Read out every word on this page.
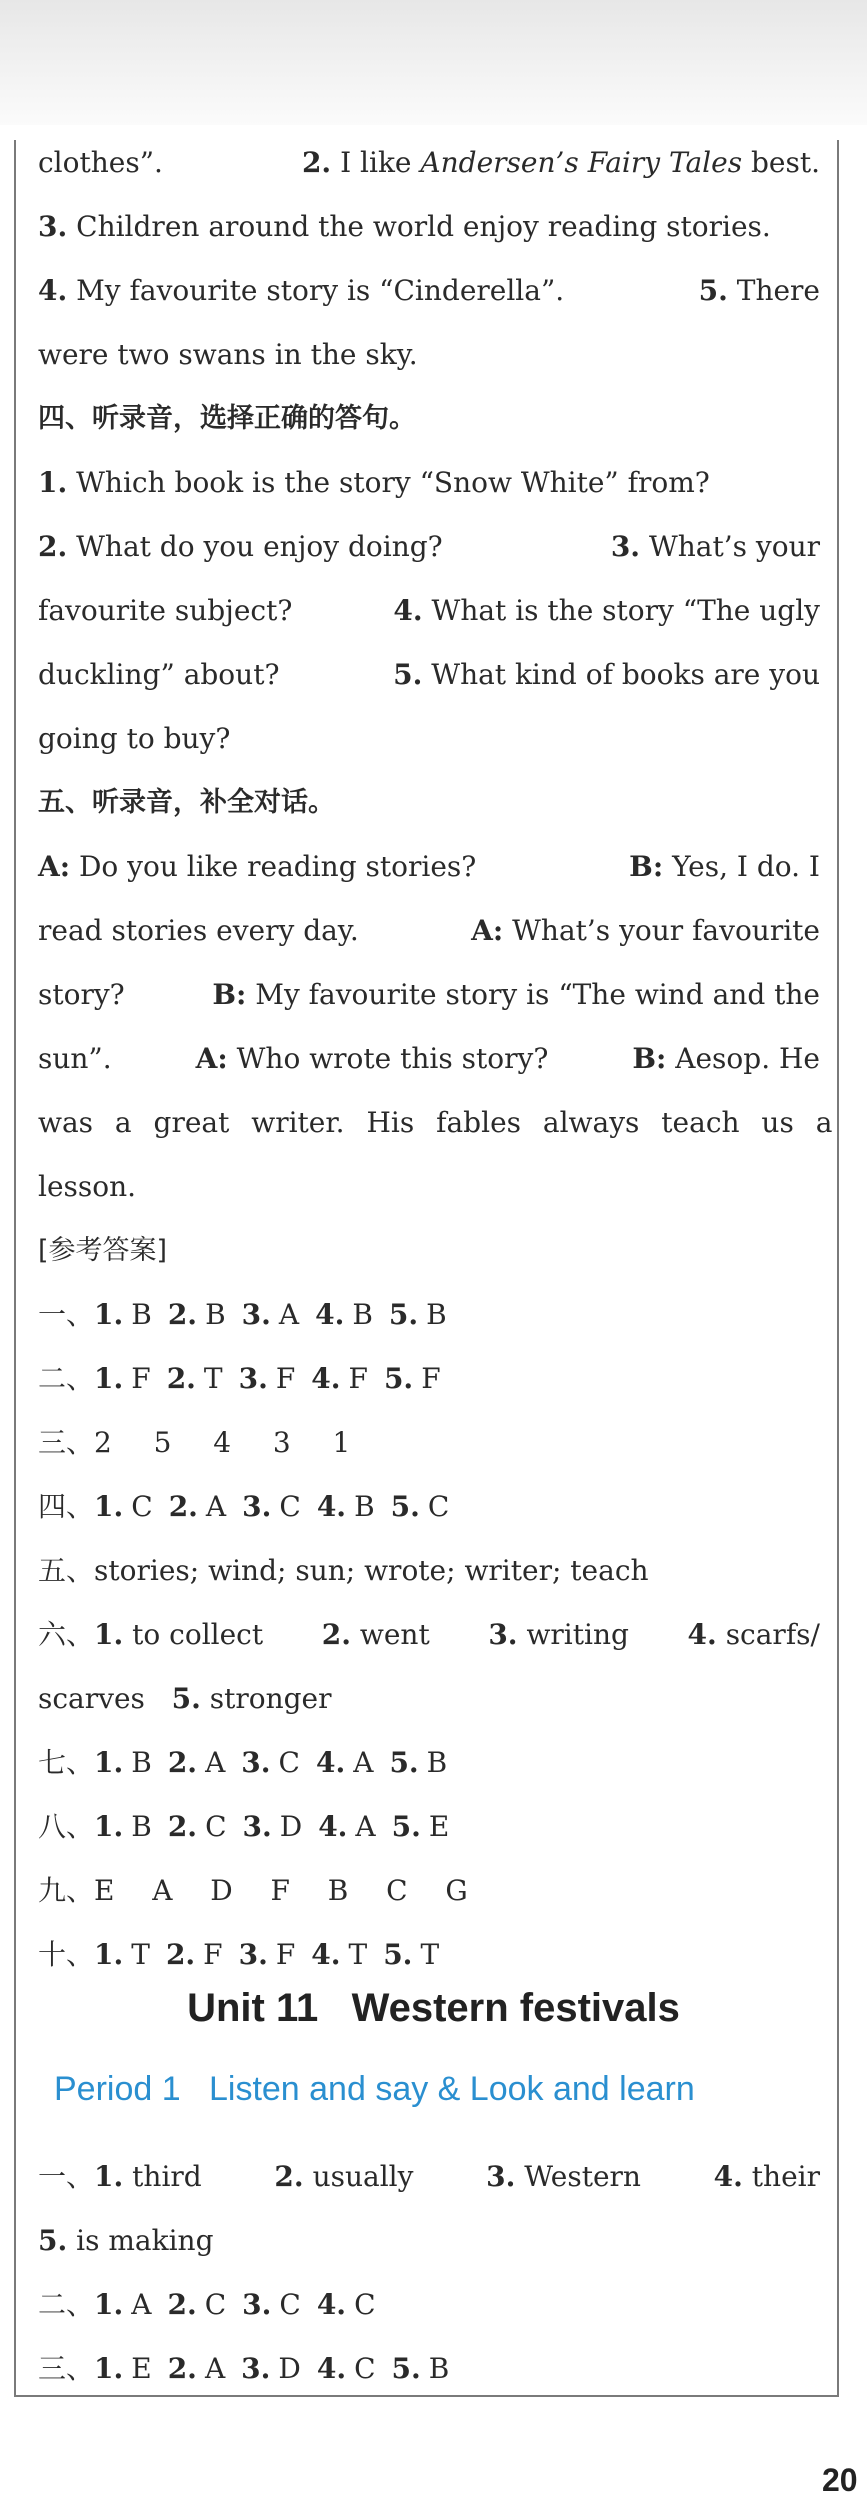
clothes”.	2. I like Andersen’s Fairy Tales best.
3.
Children around the world enjoy reading stories.
4. My favourite story is “Cinderella”.	5. There
were two swans in the sky.
四、听录音，选择正确的答句。
1.
Which book is the story “Snow White” from?
2. What do you enjoy doing?	3. What’s your
favourite subject?	4. What is the story “The ugly
duckling” about?	5. What kind of books are you
going to buy?
五、听录音，补全对话。
A: Do you like reading stories?	B: Yes, I do. I
read stories every day.	A: What’s your favourite
story?	B: My favourite story is “The wind and the
sun”.	A: Who wrote this story?	B: Aesop. He
was a great writer. His fables always teach us a
lesson.
[参考答案]
一、 1. B 2. B 3. A 4. B 5. B
二、 1. F 2. T 3. F 4. F 5. F
三、 2  5  4  3  1
四、 1. C 2. A 3. C 4. B 5. C
五、 stories; wind; sun; wrote; writer; teach
六、1. to collect 2. went 3. writing 4. scarfs/
scarves
5.
stronger
七、 1. B 2. A 3. C 4. A 5. B
八、 1. B 2. C 3. D 4. A 5. E
九、 E  A  D  F  B  C  G
十、 1. T 2. F 3. F 4. T 5. T
Unit 11   Western festivals
Period 1   Listen and say & Look and learn
一、1. third	2. usually	3. Western	4. their
5.
is making
二、 1. A 2. C 3. C 4. C
三、 1. E 2. A 3. D 4. C 5. B
20
